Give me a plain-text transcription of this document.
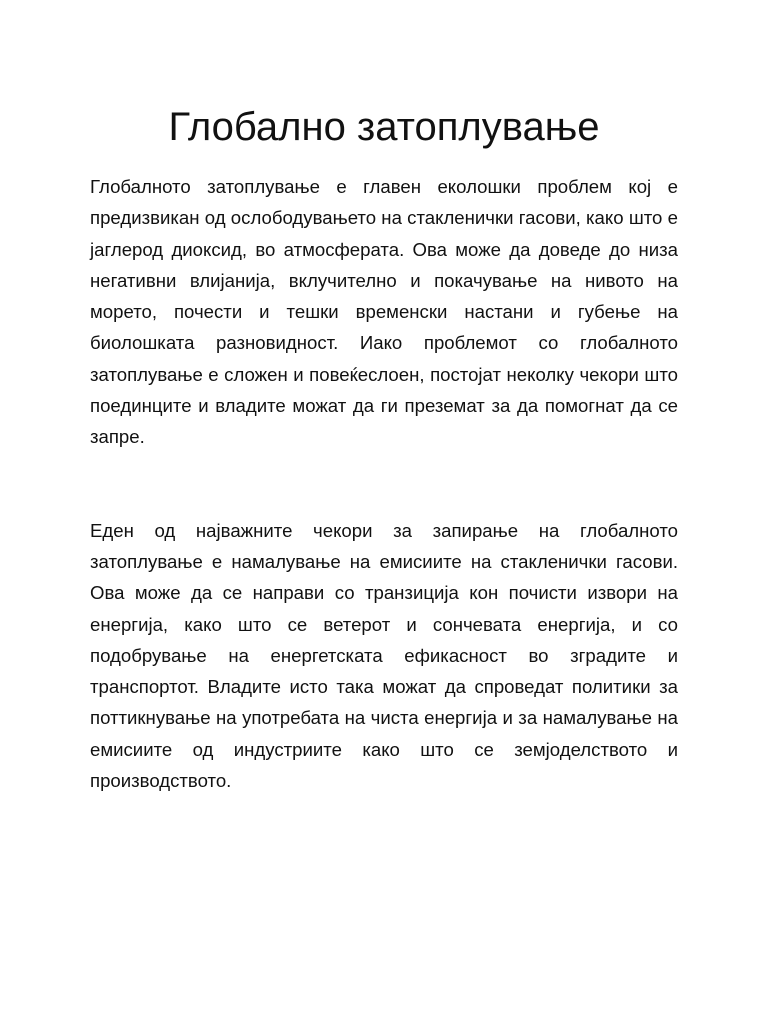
Глобално затоплување

Глобалното затоплување е главен еколошки проблем кој е предизвикан од ослободувањето на стакленички гасови, како што е јаглерод диоксид, во атмосферата. Ова може да доведе до низа негативни влијанија, вклучително и покачување на нивото на морето, почести и тешки временски настани и губење на биолошката разновидност. Иако проблемот со глобалното затоплување е сложен и повеќеслоен, постојат неколку чекори што поединците и владите можат да ги преземат за да помогнат да се запре.

Еден од најважните чекори за запирање на глобалното затоплување е намалување на емисиите на стакленички гасови. Ова може да се направи со транзиција кон почисти извори на енергија, како што се ветерот и сончевата енергија, и со подобрување на енергетската ефикасност во зградите и транспортот. Владите исто така можат да спроведат политики за поттикнување на употребата на чиста енергија и за намалување на емисиите од индустриите како што се земјоделството и производството.
